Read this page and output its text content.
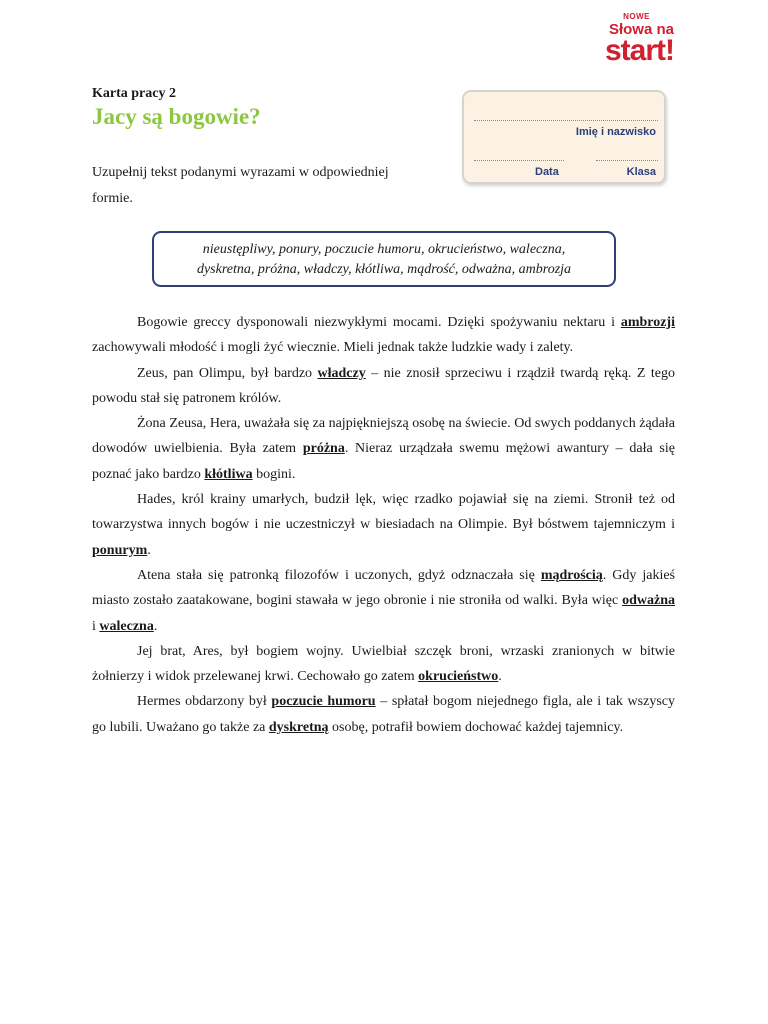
NOWE
Słowa na
start!
Karta pracy 2
Jacy są bogowie?
Imię i nazwisko
Data	Klasa
Uzupełnij tekst podanymi wyrazami w odpowiedniej formie.
nieustępliwy, ponury, poczucie humoru, okrucieństwo, waleczna,
dyskretna, próżna, władczy, kłótliwa, mądrość, odważna, ambrozja

Bogowie greccy dysponowali niezwykłymi mocami. Dzięki spożywaniu nektaru i ambrozji zachowywali młodość i mogli żyć wiecznie. Mieli jednak także ludzkie wady i zalety.

Zeus, pan Olimpu, był bardzo władczy – nie znosił sprzeciwu i rządził twardą ręką. Z tego powodu stał się patronem królów.

Żona Zeusa, Hera, uważała się za najpiękniejszą osobę na świecie. Od swych poddanych żądała dowodów uwielbienia. Była zatem próżna. Nieraz urządzała swemu mężowi awantury – dała się poznać jako bardzo kłótliwa bogini.

Hades, król krainy umarłych, budził lęk, więc rzadko pojawiał się na ziemi. Stronił też od towarzystwa innych bogów i nie uczestniczył w biesiadach na Olimpie. Był bóstwem tajemniczym i ponurym.

Atena stała się patronką filozofów i uczonych, gdyż odznaczała się mądrością. Gdy jakieś miasto zostało zaatakowane, bogini stawała w jego obronie i nie stroniła od walki. Była więc odważna i waleczna.

Jej brat, Ares, był bogiem wojny. Uwielbiał szczęk broni, wrzaski zranionych w bitwie żołnierzy i widok przelewanej krwi. Cechowało go zatem okrucieństwo.

Hermes obdarzony był poczucie humoru – spłatał bogom niejednego figla, ale i tak wszyscy go lubili. Uważano go także za dyskretną osobę, potrafił bowiem dochować każdej tajemnicy.
